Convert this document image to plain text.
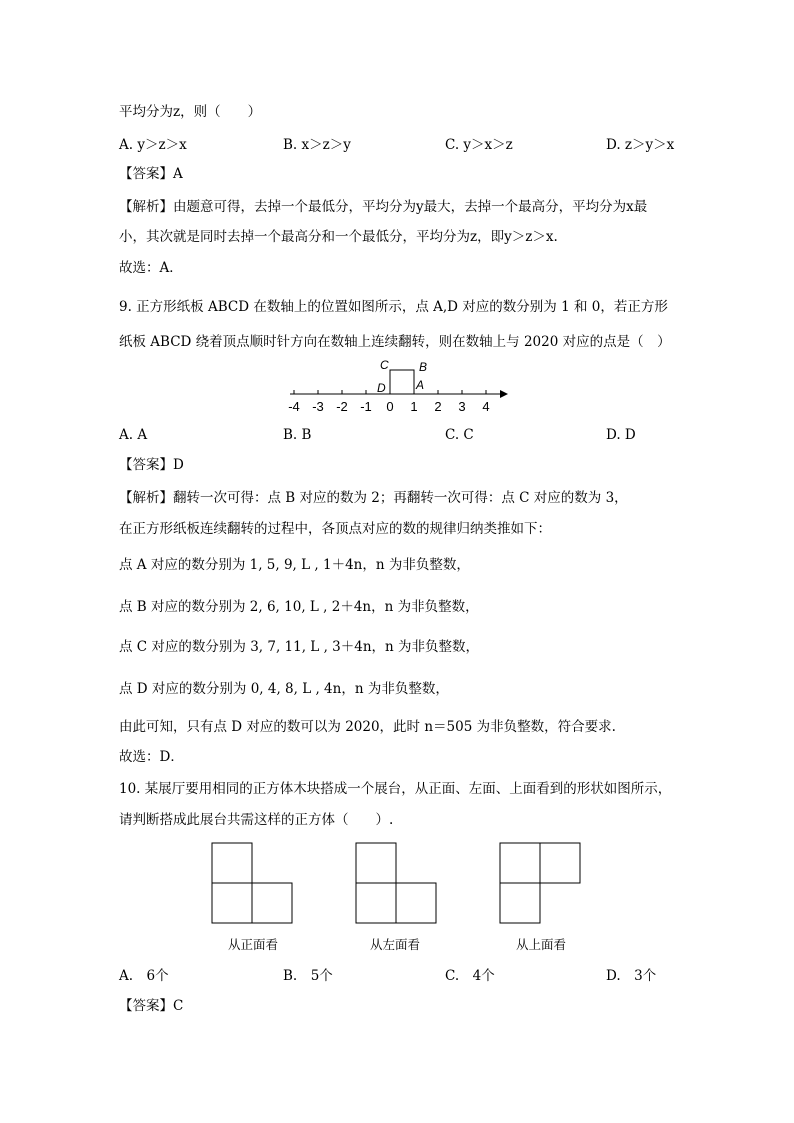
平均分为z，则（　　）
A. y＞z＞x	B. x＞z＞y	C. y＞x＞z	D. z＞y＞x
【答案】A
【解析】由题意可得，去掉一个最低分，平均分为y最大，去掉一个最高分，平均分为x最
小，其次就是同时去掉一个最高分和一个最低分，平均分为z，即y＞z＞x.
故选：A．
9. 正方形纸板 ABCD 在数轴上的位置如图所示，点 A,D 对应的数分别为 1 和 0，若正方形
纸板 ABCD 绕着顶点顺时针方向在数轴上连续翻转，则在数轴上与 2020 对应的点是（　）
-4 -3 -2 -1 0 1 2 3 4
C	B
D	A
A. A	B. B	C. C	D. D
【答案】D
【解析】翻转一次可得：点 B 对应的数为 2；再翻转一次可得：点 C 对应的数为 3，
在正方形纸板连续翻转的过程中，各顶点对应的数的规律归纳类推如下：
点 A 对应的数分别为 1, 5, 9, L , 1＋4n，n 为非负整数，
点 B 对应的数分别为 2, 6, 10, L , 2＋4n，n 为非负整数，
点 C 对应的数分别为 3, 7, 11, L , 3＋4n，n 为非负整数，
点 D 对应的数分别为 0, 4, 8, L , 4n，n 为非负整数，
由此可知，只有点 D 对应的数可以为 2020，此时 n＝505 为非负整数，符合要求.
故选：D．
10. 某展厅要用相同的正方体木块搭成一个展台，从正面、左面、上面看到的形状如图所示，
请判断搭成此展台共需这样的正方体（　　）.
从正面看	从左面看	从上面看
A.　6个	B.　5个	C.　4个	D.　3个
【答案】C
